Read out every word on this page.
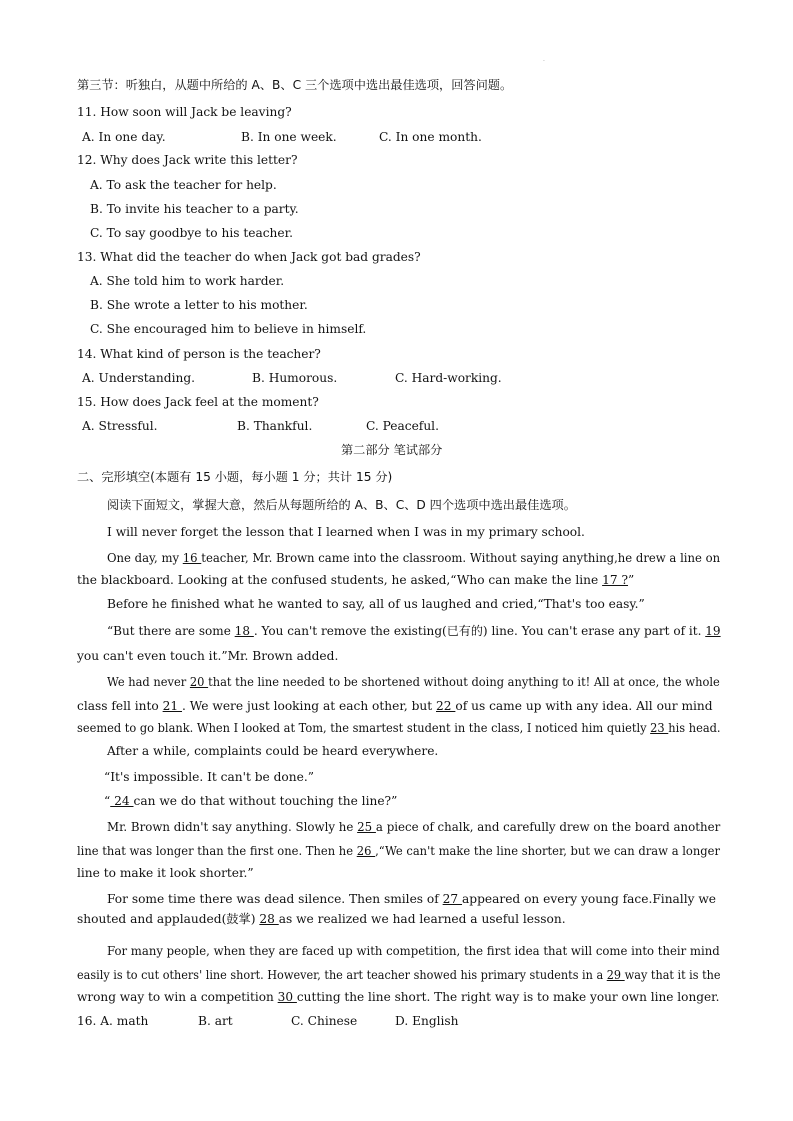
.
第三节：听独白，从题中所给的 A、B、C 三个选项中选出最佳选项，回答问题。
11. How soon will Jack be leaving?
A. In one day.	B. In one week.	C. In one month.
12. Why does Jack write this letter?
A. To ask the teacher for help.
B. To invite his teacher to a party.
C. To say goodbye to his teacher.
13. What did the teacher do when Jack got bad grades?
A. She told him to work harder.
B. She wrote a letter to his mother.
C. She encouraged him to believe in himself.
14. What kind of person is the teacher?
A. Understanding.	B. Humorous.	C. Hard-working.
15. How does Jack feel at the moment?
A. Stressful.	B. Thankful.	C. Peaceful.
第二部分 笔试部分
二、完形填空(本题有 15 小题，每小题 1 分；共计 15 分)
阅读下面短文，掌握大意，然后从每题所给的 A、B、C、D 四个选项中选出最佳选项。
I will never forget the lesson that I learned when I was in my primary school.
One day, my 16 teacher, Mr. Brown came into the classroom. Without saying anything,he drew a line on
the blackboard. Looking at the confused students, he asked,“Who can make the line 17 ?”
Before he finished what he wanted to say, all of us laughed and cried,“That's too easy.”
“But there are some 18 . You can't remove the existing(已有的) line. You can't erase any part of it. 19
you can't even touch it.”Mr. Brown added.
We had never 20 that the line needed to be shortened without doing anything to it! All at once, the whole
class fell into 21 . We were just looking at each other, but 22 of us came up with any idea. All our mind
seemed to go blank. When I looked at Tom, the smartest student in the class, I noticed him quietly 23 his head.
After a while, complaints could be heard everywhere.
“It's impossible. It can't be done.”
“ 24 can we do that without touching the line?”
Mr. Brown didn't say anything. Slowly he 25 a piece of chalk, and carefully drew on the board another
line that was longer than the first one. Then he 26 ,“We can't make the line shorter, but we can draw a longer
line to make it look shorter.”
For some time there was dead silence. Then smiles of 27 appeared on every young face.Finally we
shouted and applauded(鼓掌) 28 as we realized we had learned a useful lesson.
For many people, when they are faced up with competition, the first idea that will come into their mind
easily is to cut others' line short. However, the art teacher showed his primary students in a 29 way that it is the
wrong way to win a competition 30 cutting the line short. The right way is to make your own line longer.
16. A. math	B. art	C. Chinese	D. English
